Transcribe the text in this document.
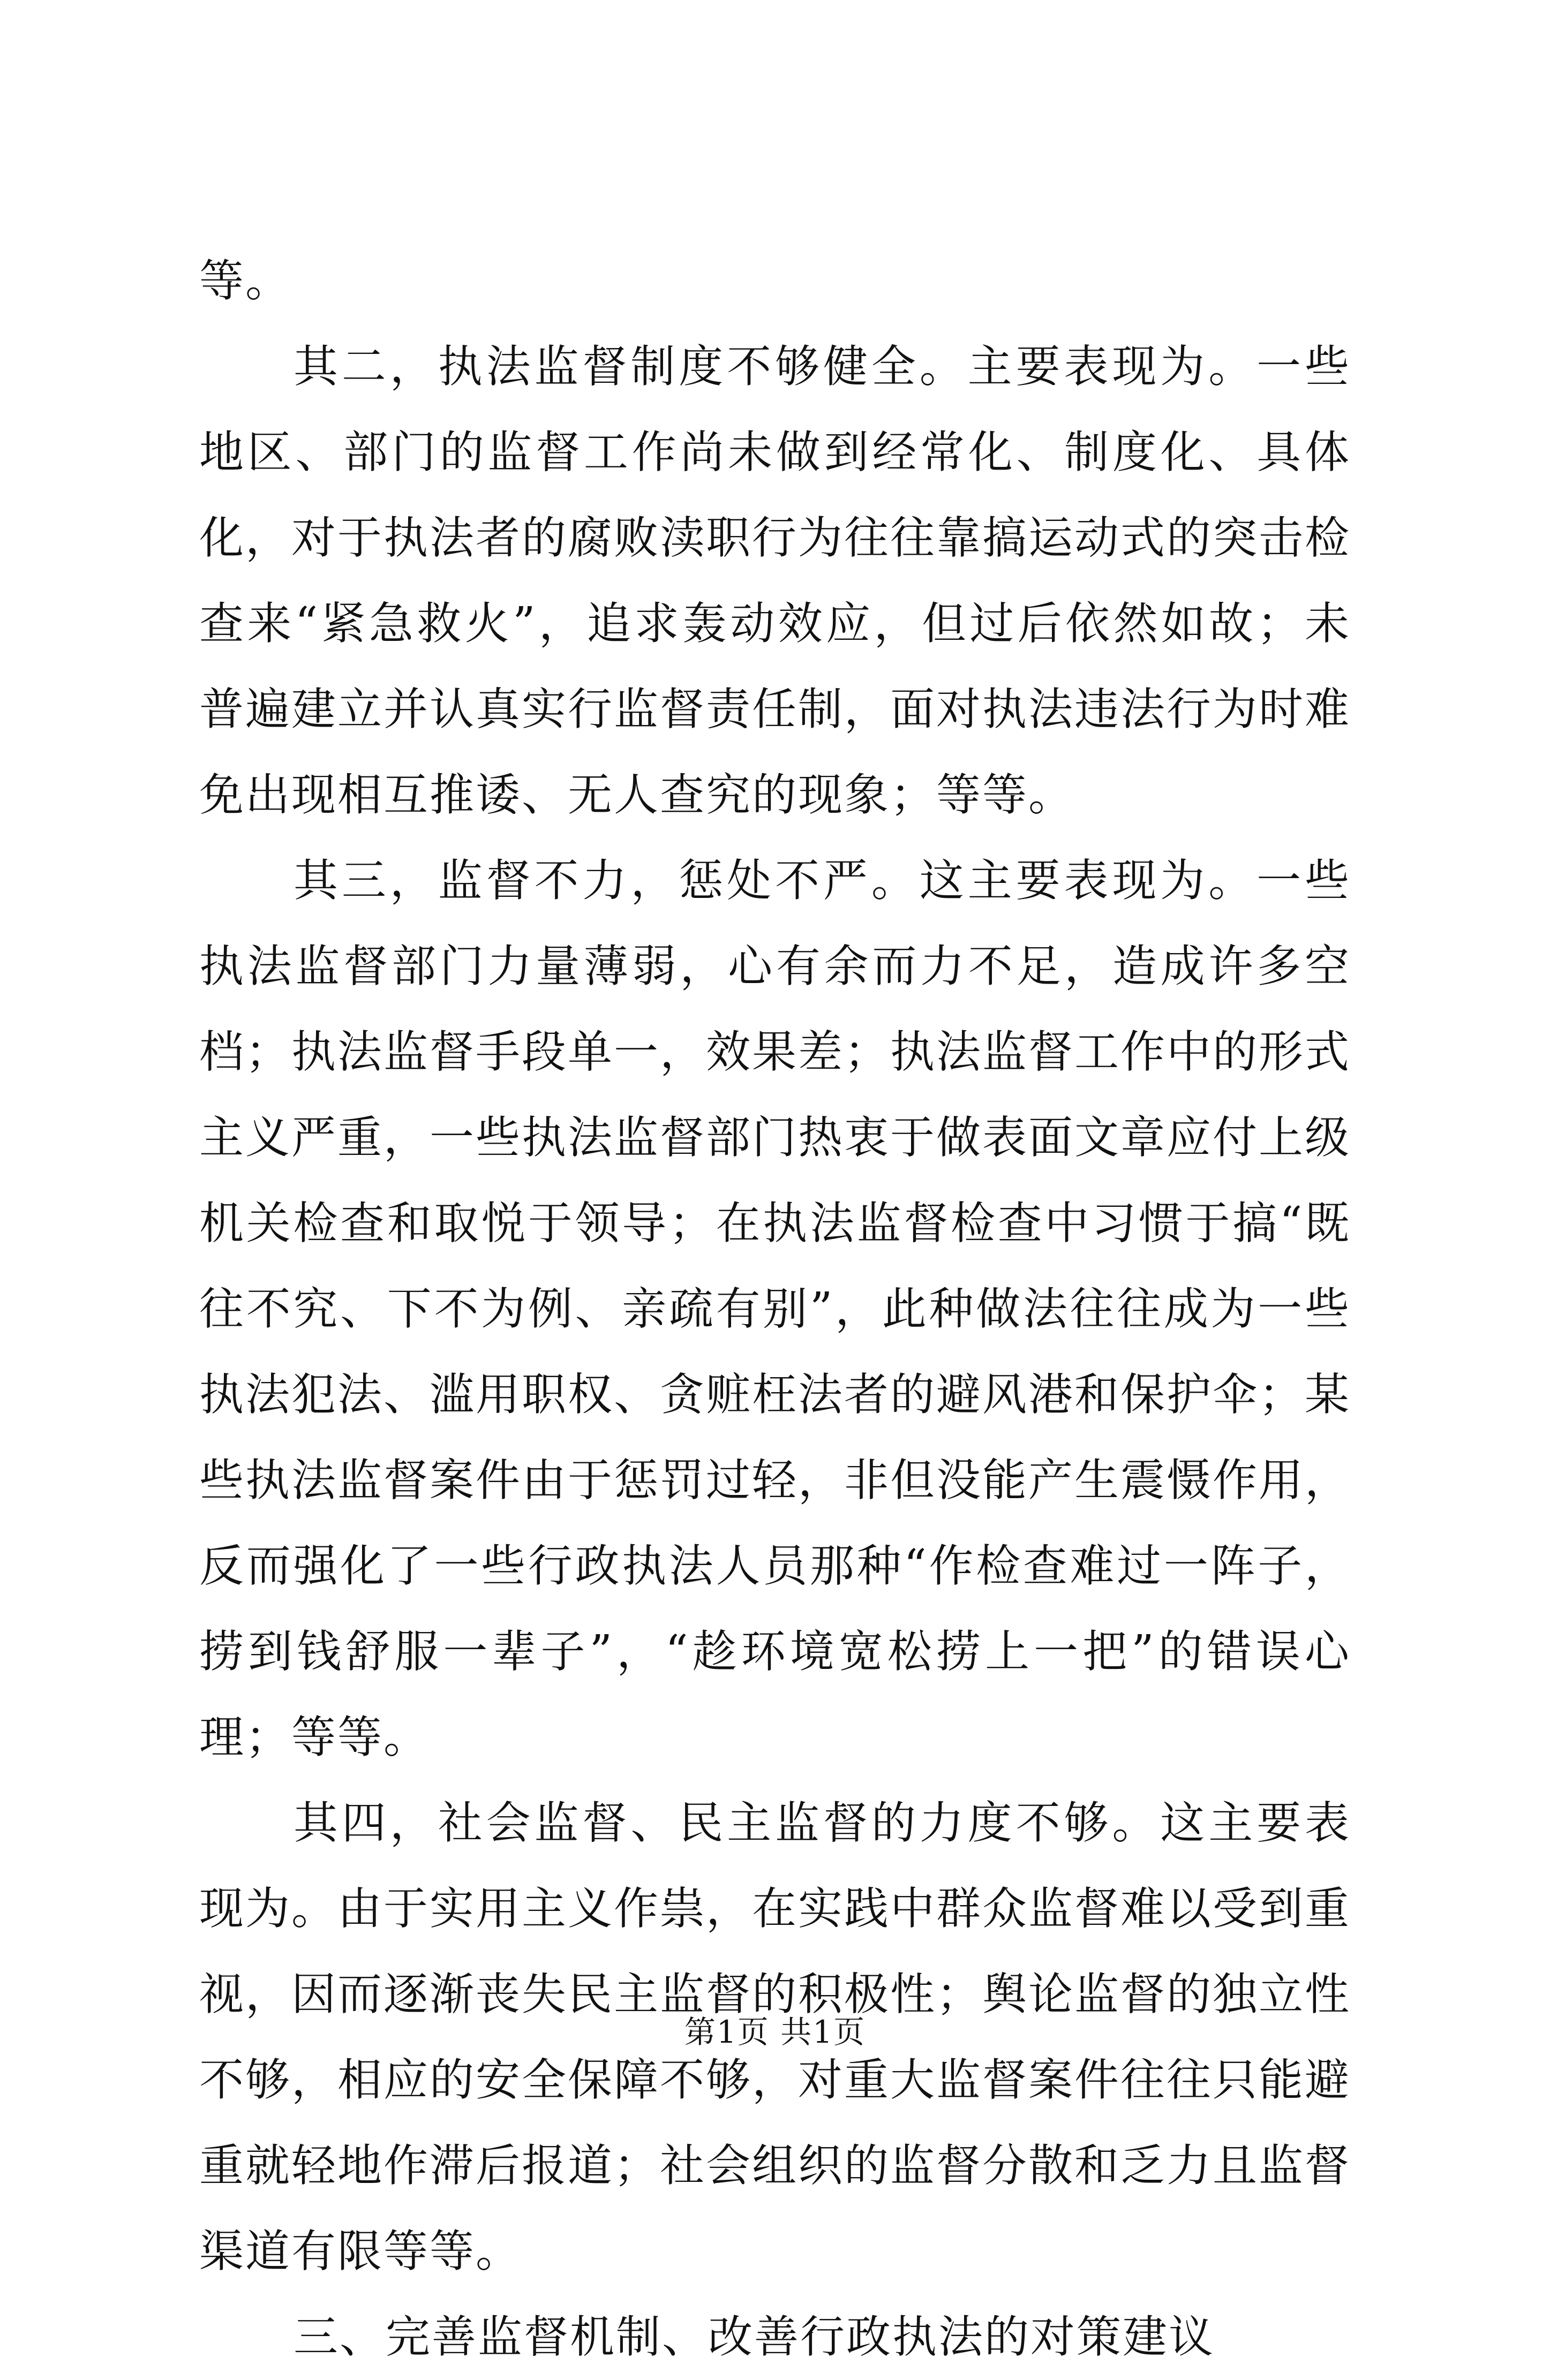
等。

其二，执法监督制度不够健全。主要表现为。一些地区、部门的监督工作尚未做到经常化、制度化、具体化，对于执法者的腐败渎职行为往往靠搞运动式的突击检查来“紧急救火”，追求轰动效应，但过后依然如故；未普遍建立并认真实行监督责任制，面对执法违法行为时难免出现相互推诿、无人查究的现象；等等。

其三，监督不力，惩处不严。这主要表现为。一些执法监督部门力量薄弱，心有余而力不足，造成许多空档；执法监督手段单一，效果差；执法监督工作中的形式主义严重，一些执法监督部门热衷于做表面文章应付上级机关检查和取悦于领导；在执法监督检查中习惯于搞“既往不究、下不为例、亲疏有别”，此种做法往往成为一些执法犯法、滥用职权、贪赃枉法者的避风港和保护伞；某些执法监督案件由于惩罚过轻，非但没能产生震慑作用，反而强化了一些行政执法人员那种“作检查难过一阵子，捞到钱舒服一辈子”，“趁环境宽松捞上一把”的错误心理；等等。

其四，社会监督、民主监督的力度不够。这主要表现为。由于实用主义作祟，在实践中群众监督难以受到重视，因而逐渐丧失民主监督的积极性；舆论监督的独立性不够，相应的安全保障不够，对重大监督案件往往只能避重就轻地作滞后报道；社会组织的监督分散和乏力且监督渠道有限等等。

三、完善监督机制、改善行政执法的对策建议

第1页 共1页
